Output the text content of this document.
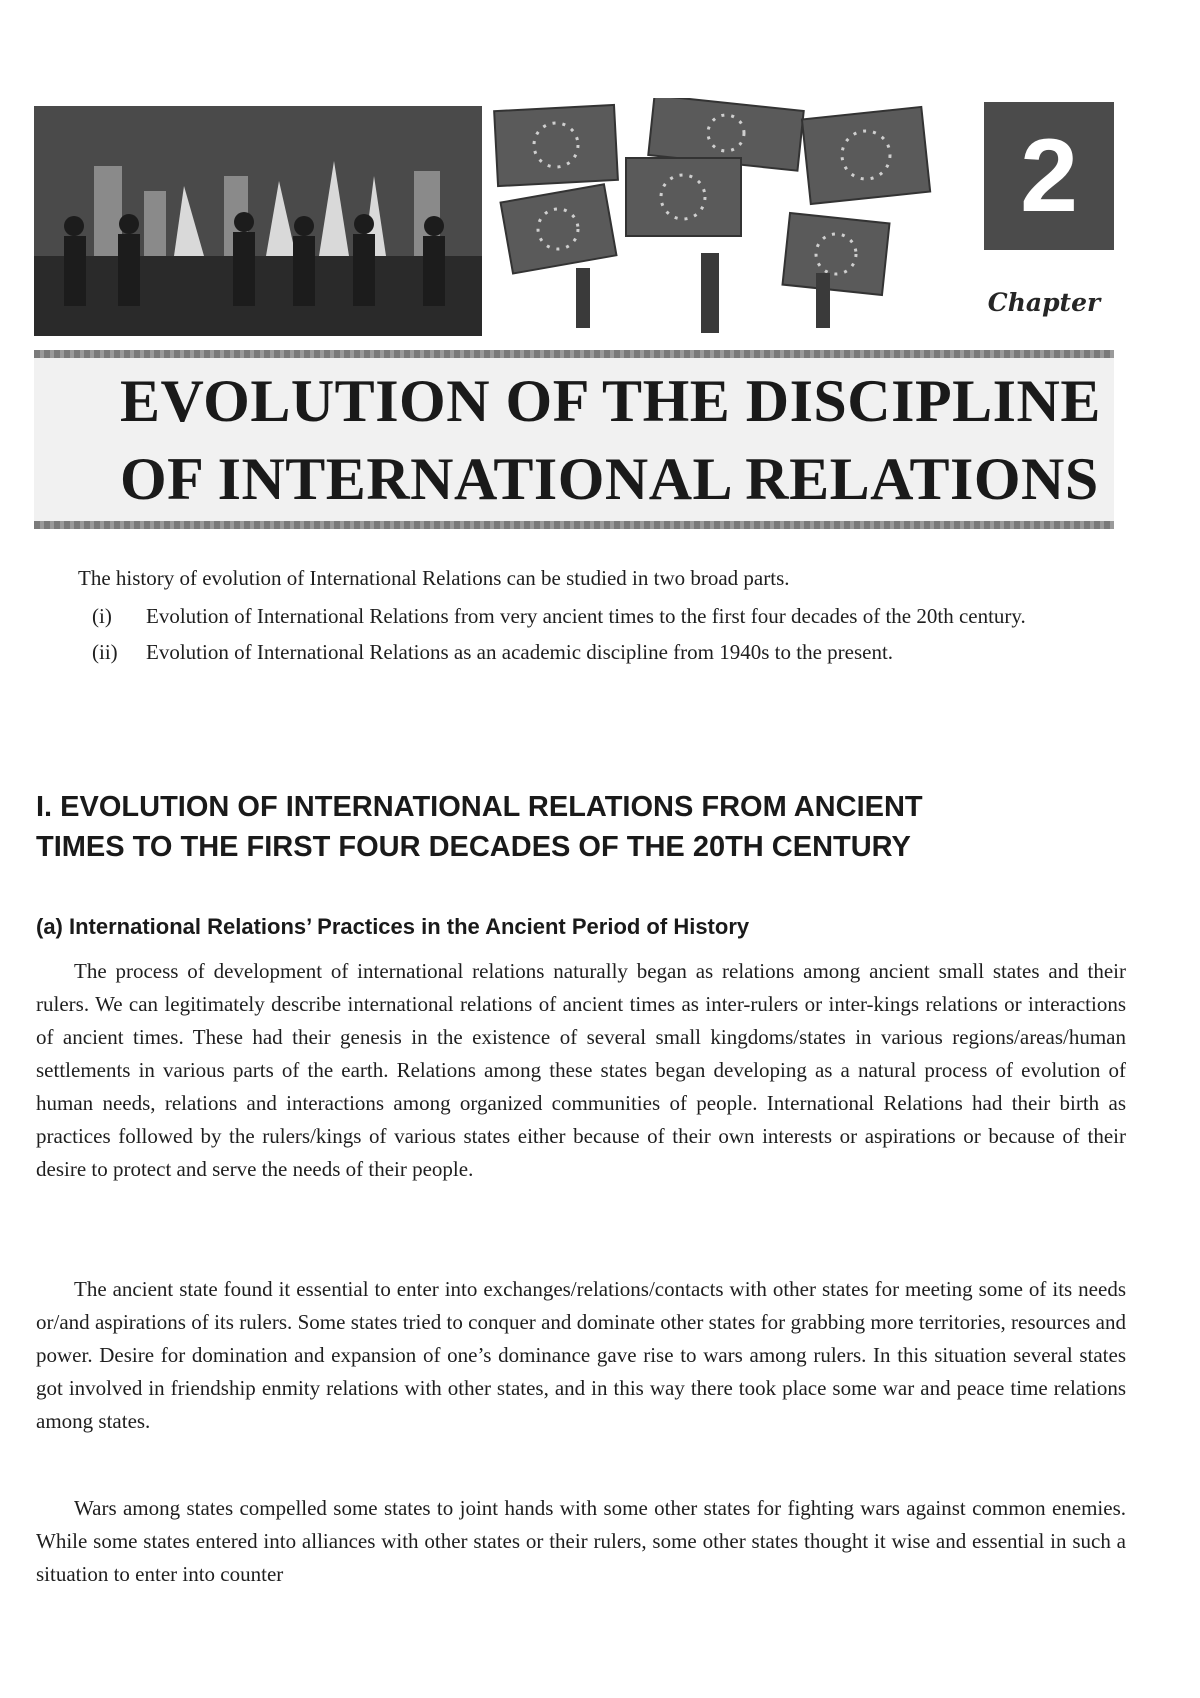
2
Chapter
EVOLUTION OF THE DISCIPLINE
OF INTERNATIONAL RELATIONS

The history of evolution of International Relations can be studied in two broad parts.

(i)	Evolution of International Relations from very ancient times to the first four decades of the 20th century.
(ii)	Evolution of International Relations as an academic discipline from 1940s to the present.
I. EVOLUTION OF INTERNATIONAL RELATIONS FROM ANCIENT
TIMES TO THE FIRST FOUR DECADES OF THE 20TH CENTURY
(a) International Relations’ Practices in the Ancient Period of History

The process of development of international relations naturally began as relations among ancient small states and their rulers. We can legitimately describe international relations of ancient times as inter-rulers or inter-kings relations or interactions of ancient times. These had their genesis in the existence of several small kingdoms/states in various regions/areas/human settlements in various parts of the earth. Relations among these states began developing as a natural process of evolution of human needs, relations and interactions among organized communities of people. International Relations had their birth as practices followed by the rulers/kings of various states either because of their own interests or aspirations or because of their desire to protect and serve the needs of their people.

The ancient state found it essential to enter into exchanges/relations/contacts with other states for meeting some of its needs or/and aspirations of its rulers. Some states tried to conquer and dominate other states for grabbing more territories, resources and power. Desire for domination and expansion of one’s dominance gave rise to wars among rulers. In this situation several states got involved in friendship enmity relations with other states, and in this way there took place some war and peace time relations among states.

Wars among states compelled some states to joint hands with some other states for fighting wars against common enemies. While some states entered into alliances with other states or their rulers, some other states thought it wise and essential in such a situation to enter into counter
